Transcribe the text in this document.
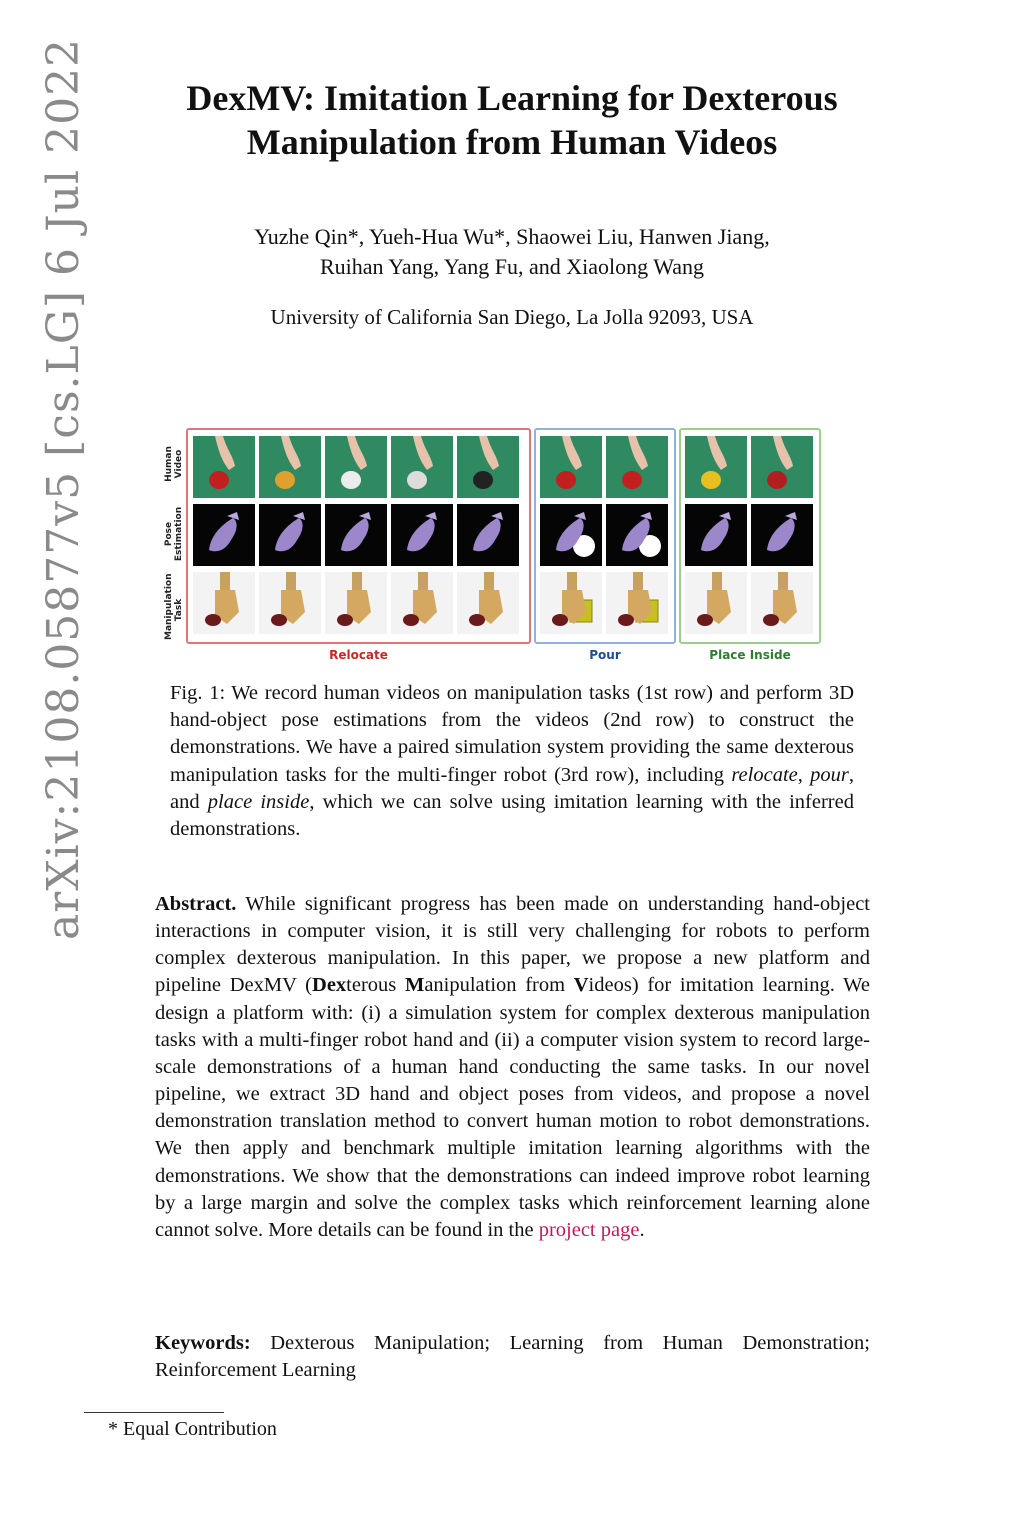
arXiv:2108.05877v5[cs.LG]6 Jul 2022	DexMV: Imitation Learning for Dexterous
Manipulation from Human Videos
Yuzhe Qin*, Yueh-Hua Wu*, Shaowei Liu, Hanwen Jiang,
Ruihan Yang, Yang Fu, and Xiaolong Wang
University of California San Diego, La Jolla 92093, USA
Human Video
Pose Estimation
Manipulation Task
Relocate	Pour	Place Inside
Fig. 1: We record human videos on manipulation tasks (1st row) and perform 3D hand-object pose estimations from the videos (2nd row) to construct the demonstrations. We have a paired simulation system providing the same dexterous manipulation tasks for the multi-finger robot (3rd row), including relocate, pour, and place inside, which we can solve using imitation learning with the inferred demonstrations.
Abstract. While significant progress has been made on understanding hand-object interactions in computer vision, it is still very challenging for robots to perform complex dexterous manipulation. In this paper, we propose a new platform and pipeline DexMV (Dexterous Manipulation from Videos) for imitation learning. We design a platform with: (i) a simulation system for complex dexterous manipulation tasks with a multi-finger robot hand and (ii) a computer vision system to record large-scale demonstrations of a human hand conducting the same tasks. In our novel pipeline, we extract 3D hand and object poses from videos, and propose a novel demonstration translation method to convert human motion to robot demonstrations. We then apply and benchmark multiple imitation learning algorithms with the demonstrations. We show that the demonstrations can indeed improve robot learning by a large margin and solve the complex tasks which reinforcement learning alone cannot solve. More details can be found in the project page.
Keywords: Dexterous Manipulation; Learning from Human Demonstration; Reinforcement Learning
* Equal Contribution
